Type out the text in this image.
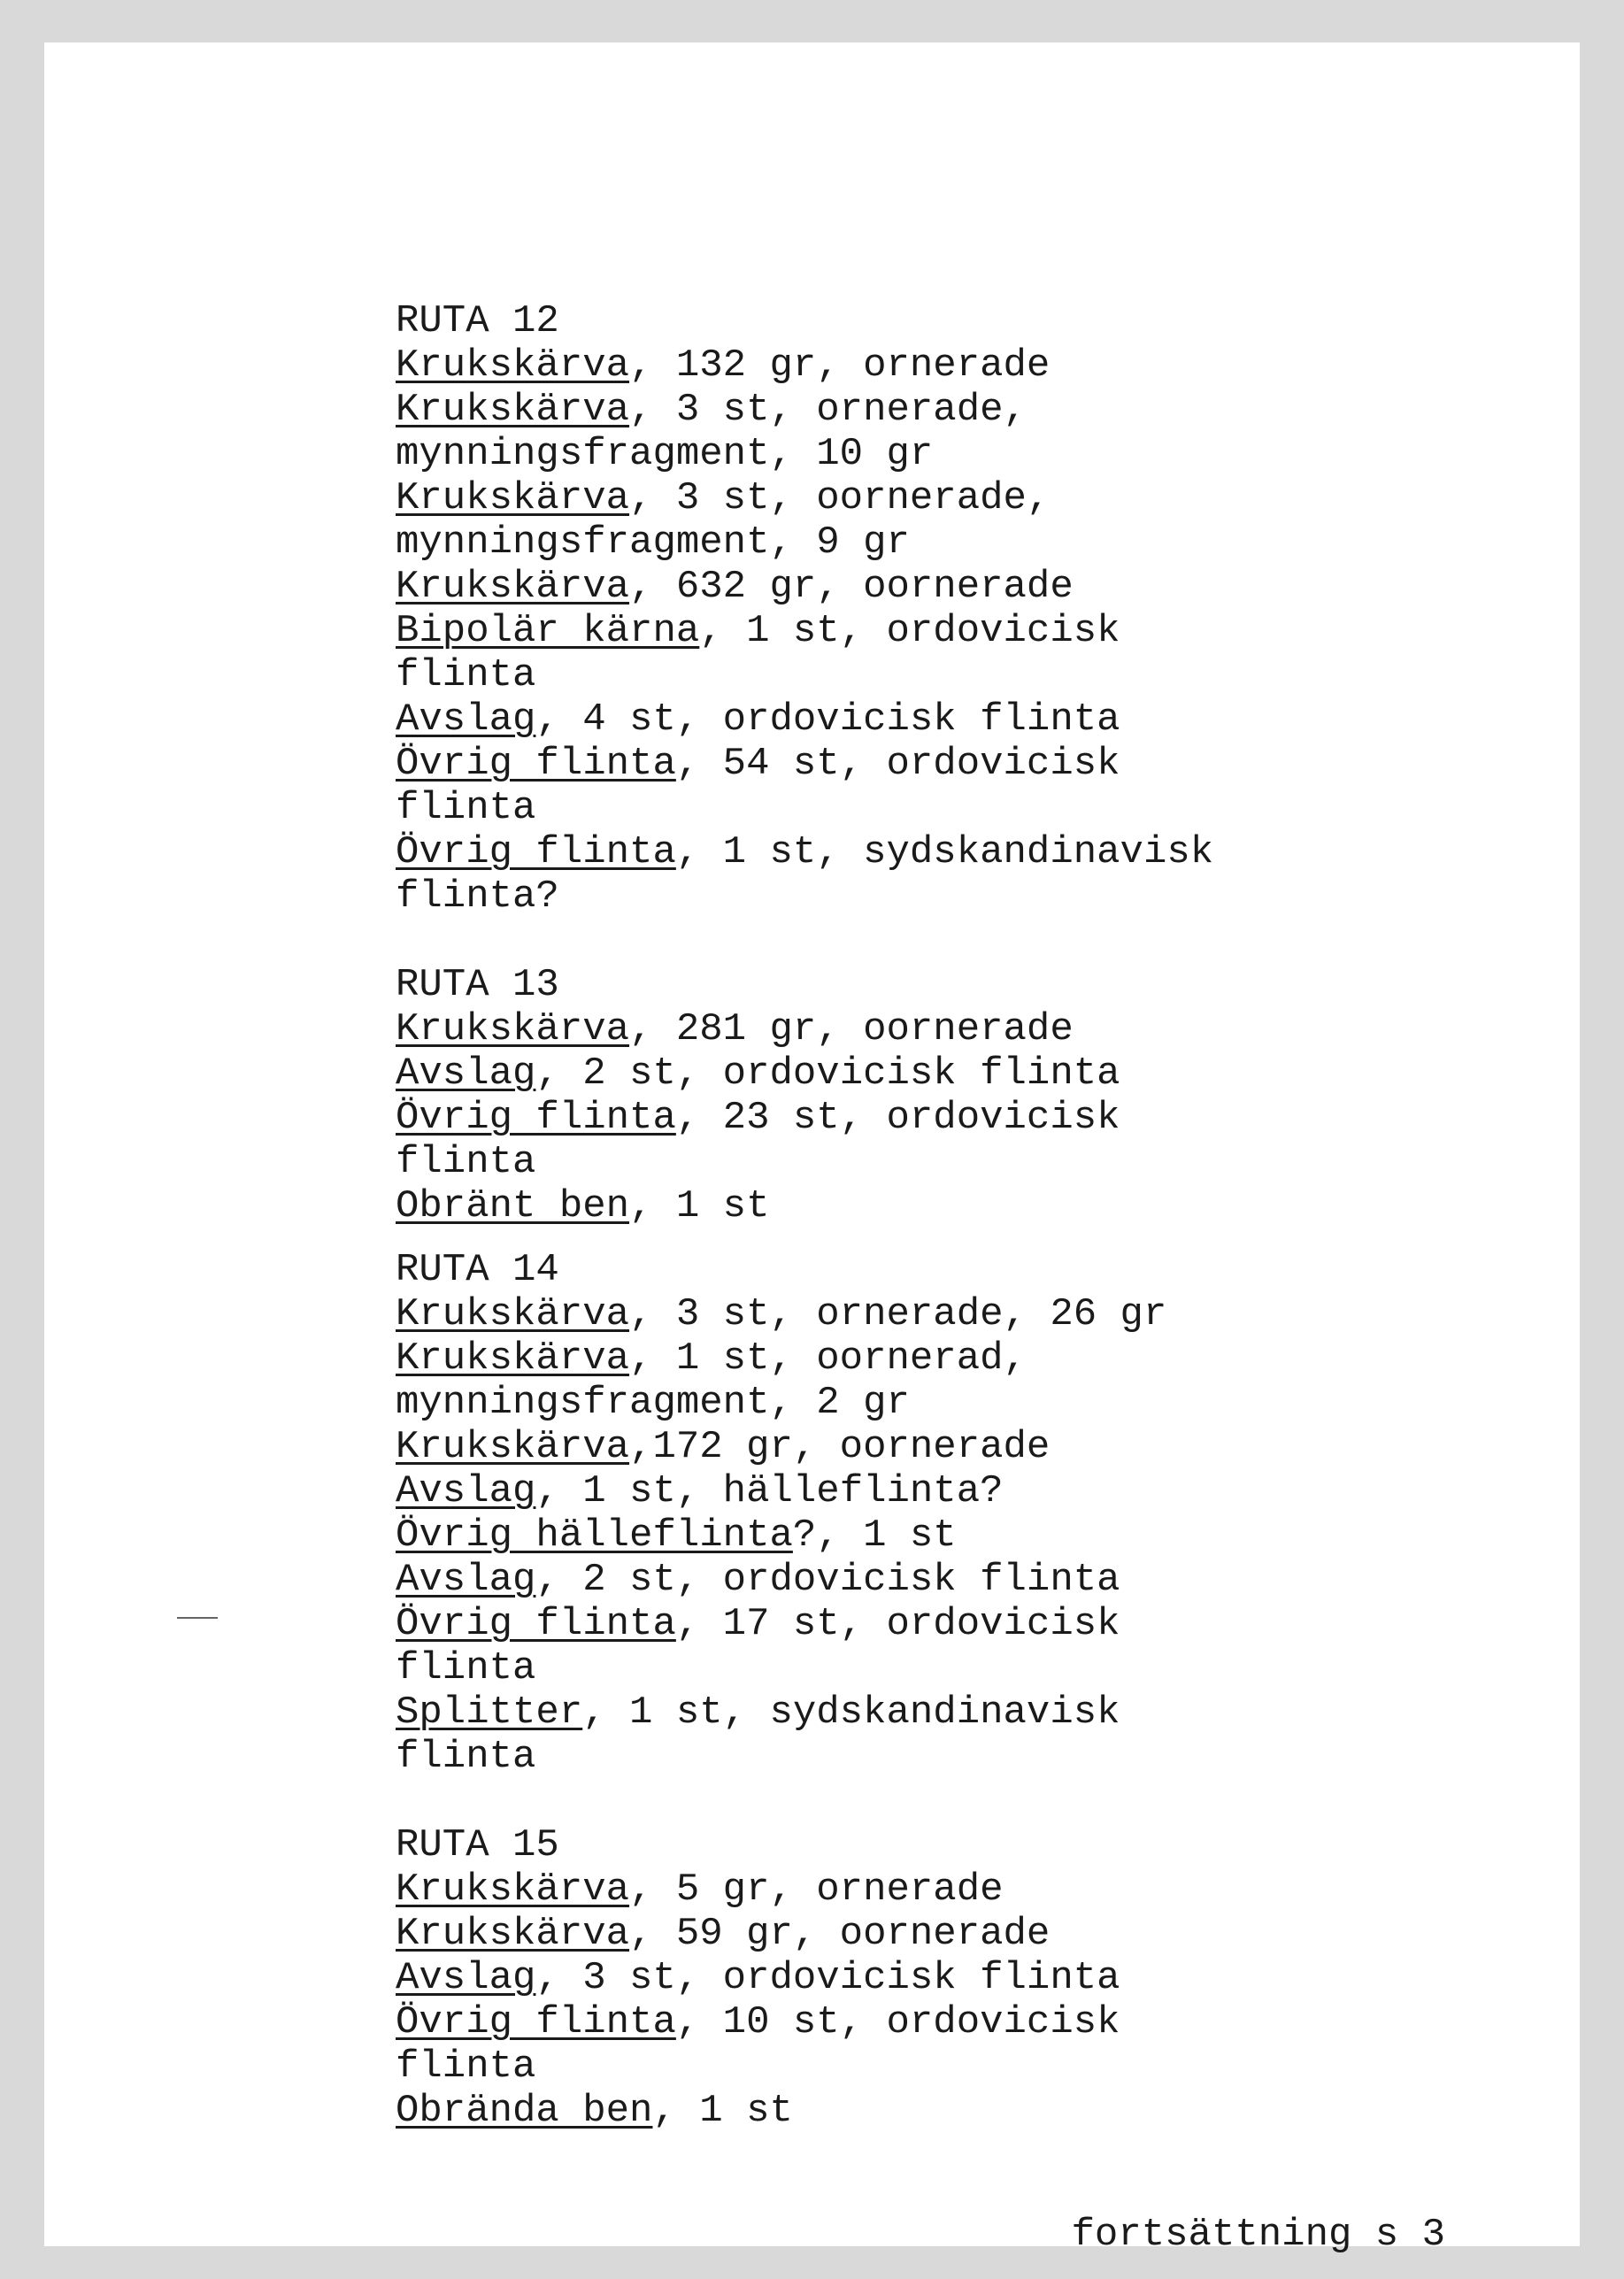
RUTA 12
Krukskärva, 132 gr, ornerade
Krukskärva, 3 st, ornerade,
mynningsfragment, 10 gr
Krukskärva, 3 st, oornerade,
mynningsfragment, 9 gr
Krukskärva, 632 gr, oornerade
Bipolär kärna, 1 st, ordovicisk
flinta
Avslag, 4 st, ordovicisk flinta
Övrig flinta, 54 st, ordovicisk
flinta
Övrig flinta, 1 st, sydskandinavisk
flinta?
RUTA 13
Krukskärva, 281 gr, oornerade
Avslag, 2 st, ordovicisk flinta
Övrig flinta, 23 st, ordovicisk
flinta
Obränt ben, 1 st
RUTA 14
Krukskärva, 3 st, ornerade, 26 gr
Krukskärva, 1 st, oornerad,
mynningsfragment, 2 gr
Krukskärva,172 gr, oornerade
Avslag, 1 st, hälleflinta?
Övrig hälleflinta?, 1 st
Avslag, 2 st, ordovicisk flinta
Övrig flinta, 17 st, ordovicisk
flinta
Splitter, 1 st, sydskandinavisk
flinta
RUTA 15
Krukskärva, 5 gr, ornerade
Krukskärva, 59 gr, oornerade
Avslag, 3 st, ordovicisk flinta
Övrig flinta, 10 st, ordovicisk
flinta
Obrända ben, 1 st
fortsättning s 3
